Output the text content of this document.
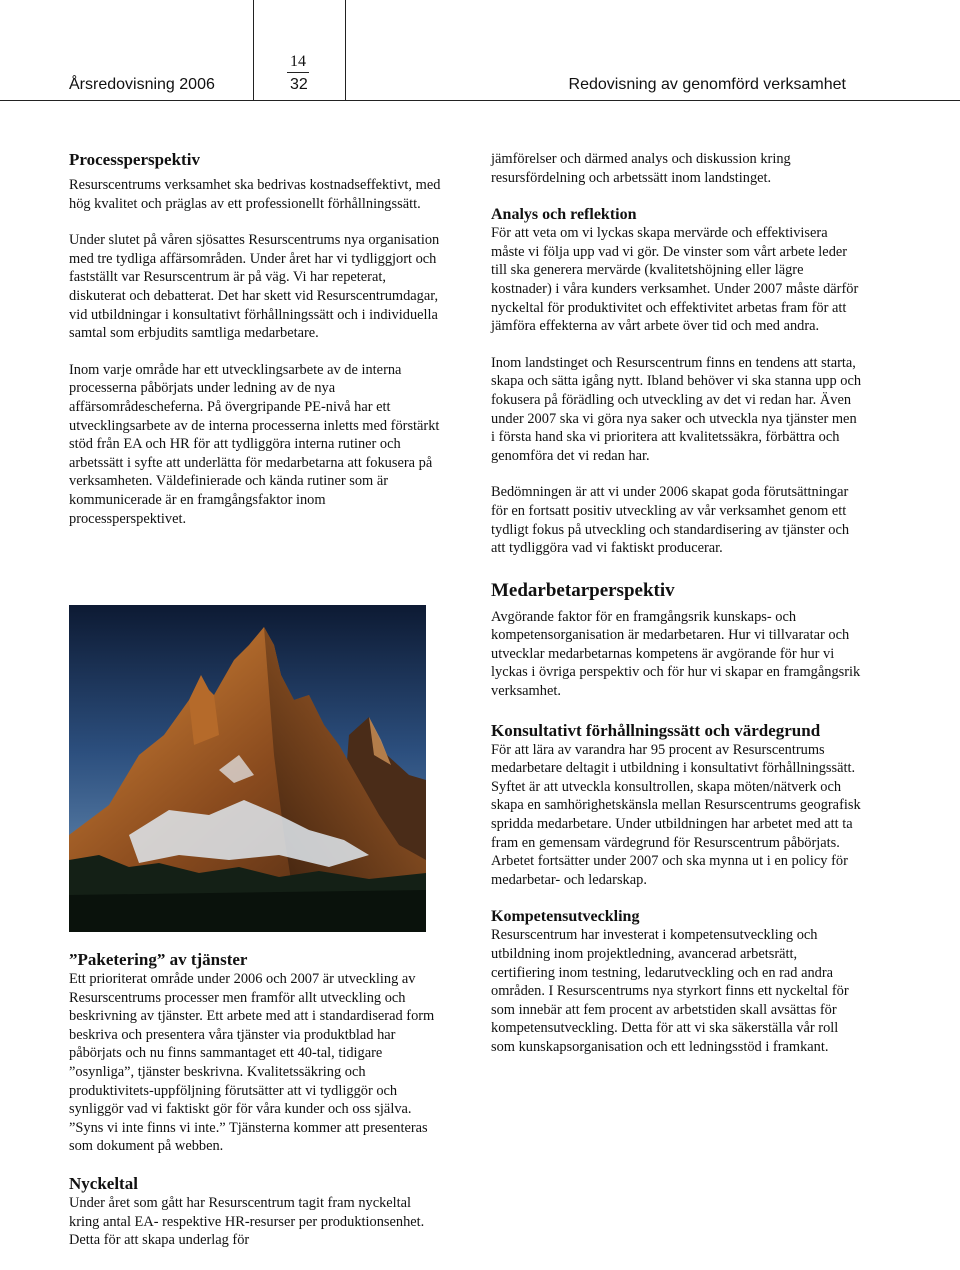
Årsredovisning 2006
14
32	Redovisning av genomförd verksamhet
Processperspektiv

Resurscentrums verksamhet ska bedrivas kostnadseffektivt, med hög kvalitet och präglas av ett professionellt förhållningssätt.

Under slutet på våren sjösattes Resurscentrums nya organisation med tre tydliga affärsområden. Under året har vi tydliggjort och fastställt var Resurscentrum är på väg. Vi har repeterat, diskuterat och debatterat. Det har skett vid Resurscentrumdagar, vid utbildningar i konsultativt förhållningssätt och i individuella samtal som erbjudits samtliga medarbetare.

Inom varje område har ett utvecklingsarbete av de interna processerna påbörjats under ledning av de nya affärsområdescheferna. På övergripande PE-nivå har ett utvecklingsarbete av de interna processerna inletts med förstärkt stöd från EA och HR för att tydliggöra interna rutiner och arbetssätt i syfte att underlätta för medarbetarna att fokusera på verksamheten. Väldefinierade och kända rutiner som är kommunicerade är en framgångsfaktor inom processperspektivet.

”Paketering” av tjänster

Ett prioriterat område under 2006 och 2007 är utveckling av Resurscentrums processer men framför allt utveckling och beskrivning av tjänster. Ett arbete med att i standardiserad form beskriva och presentera våra tjänster via produktblad har påbörjats och nu finns sammantaget ett 40-tal, tidigare ”osynliga”, tjänster beskrivna. Kvalitetssäkring och produktivitets-uppföljning förutsätter att vi tydliggör och synliggör vad vi faktiskt gör för våra kunder och oss själva. ”Syns vi inte finns vi inte.” Tjänsterna kommer att presenteras som dokument på webben.

Nyckeltal

Under året som gått har Resurscentrum tagit fram nyckeltal kring antal EA- respektive HR-resurser per produktionsenhet. Detta för att skapa underlag för

jämförelser och därmed analys och diskussion kring resursfördelning och arbetssätt inom landstinget.

Analys och reflektion

För att veta om vi lyckas skapa mervärde och effektivisera måste vi följa upp vad vi gör. De vinster som vårt arbete leder till ska generera mervärde (kvalitetshöjning eller lägre kostnader) i våra kunders verksamhet. Under 2007 måste därför nyckeltal för produktivitet och effektivitet arbetas fram för att jämföra effekterna av vårt arbete över tid och med andra.

Inom landstinget och Resurscentrum finns en tendens att starta, skapa och sätta igång nytt. Ibland behöver vi ska stanna upp och fokusera på förädling och utveckling av det vi redan har. Även under 2007 ska vi göra nya saker och utveckla nya tjänster men i första hand ska vi prioritera att kvalitetssäkra, förbättra och genomföra det vi redan har.

Bedömningen är att vi under 2006 skapat goda förutsättningar för en fortsatt positiv utveckling av vår verksamhet genom ett tydligt fokus på utveckling och standardisering av tjänster och att tydliggöra vad vi faktiskt producerar.

Medarbetarperspektiv

Avgörande faktor för en framgångsrik kunskaps- och kompetensorganisation är medarbetaren. Hur vi tillvaratar och utvecklar medarbetarnas kompetens är avgörande för hur vi lyckas i övriga perspektiv och för hur vi skapar en framgångsrik verksamhet.

Konsultativt förhållningssätt och värdegrund

För att lära av varandra har 95 procent av Resurscentrums medarbetare deltagit i utbildning i konsultativt förhållningssätt. Syftet är att utveckla konsultrollen, skapa möten/nätverk och skapa en samhörighetskänsla mellan Resurscentrums geografisk spridda medarbetare. Under utbildningen har arbetet med att ta fram en gemensam värdegrund för Resurscentrum påbörjats. Arbetet fortsätter under 2007 och ska mynna ut i en policy för medarbetar- och ledarskap.

Kompetensutveckling

Resurscentrum har investerat i kompetensutveckling och utbildning inom projektledning, avancerad arbetsrätt, certifiering inom testning, ledarutveckling och en rad andra områden. I Resurscentrums nya styrkort finns ett nyckeltal för som innebär att fem procent av arbetstiden skall avsättas för kompetensutveckling. Detta för att vi ska säkerställa vår roll som kunskapsorganisation och ett ledningsstöd i framkant.
